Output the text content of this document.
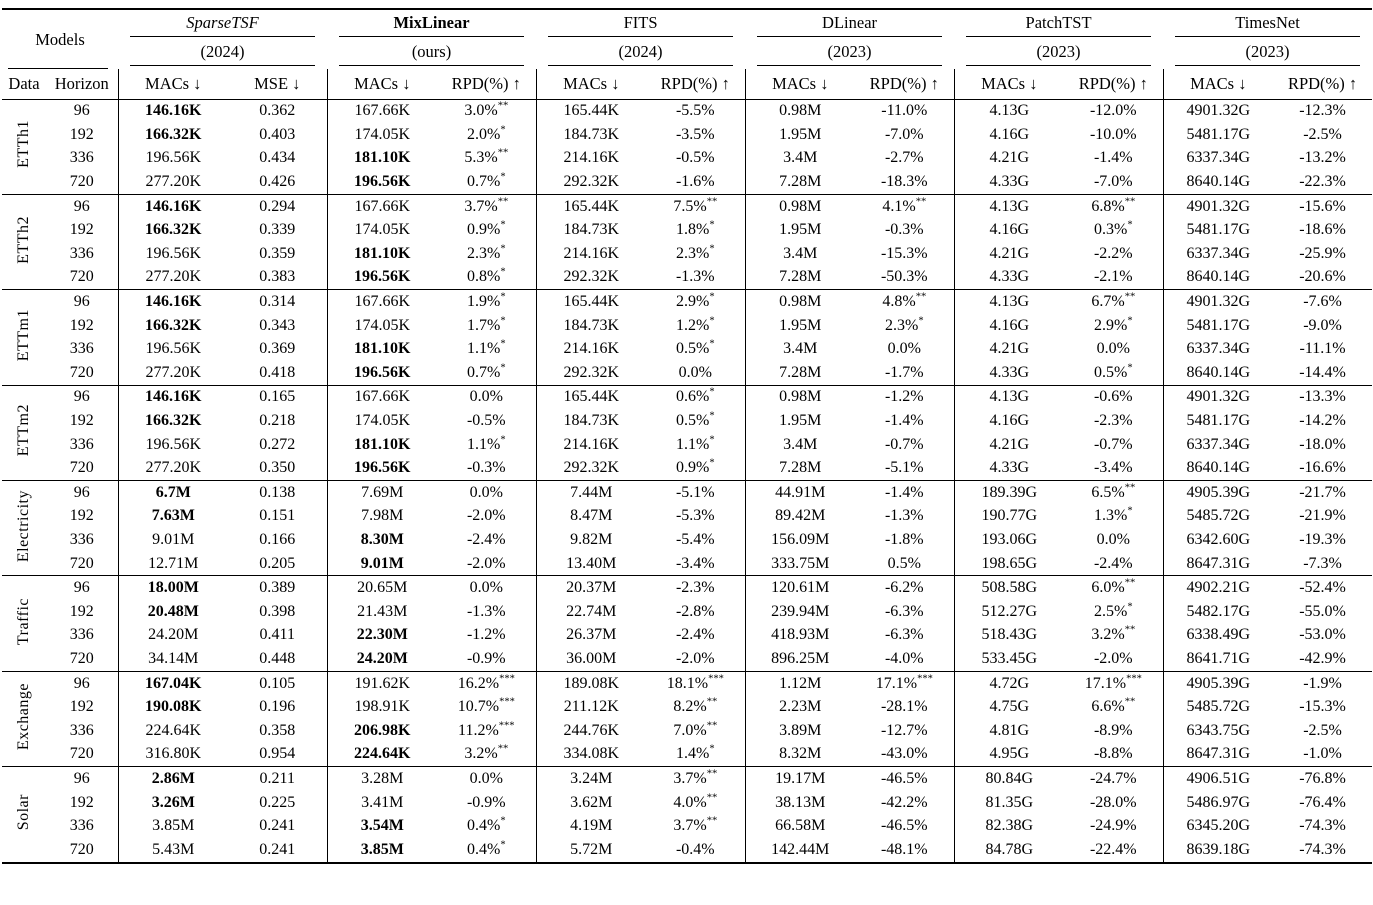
Models		SparseTSF		MixLinear		FITS		DLinear		PatchTST		TimesNet	

		(2024)		(ours)		(2024)		(2023)		(2023)		(2023)	

Data	Horizon	MACs ↓	MSE ↓	MACs ↓	RPD(%) ↑	MACs ↓	RPD(%) ↑	MACs ↓	RPD(%) ↑	MACs ↓	RPD(%) ↑	MACs ↓	RPD(%) ↑
ETTh1	96	146.16K	0.362	167.66K	3.0%**	165.44K	-5.5%	0.98M	-11.0%	4.13G	-12.0%	4901.32G	-12.3%
	192	166.32K	0.403	174.05K	2.0%*	184.73K	-3.5%	1.95M	-7.0%	4.16G	-10.0%	5481.17G	-2.5%
	336	196.56K	0.434	181.10K	5.3%**	214.16K	-0.5%	3.4M	-2.7%	4.21G	-1.4%	6337.34G	-13.2%
	720	277.20K	0.426	196.56K	0.7%*	292.32K	-1.6%	7.28M	-18.3%	4.33G	-7.0%	8640.14G	-22.3%
ETTh2	96	146.16K	0.294	167.66K	3.7%**	165.44K	7.5%**	0.98M	4.1%**	4.13G	6.8%**	4901.32G	-15.6%
	192	166.32K	0.339	174.05K	0.9%*	184.73K	1.8%*	1.95M	-0.3%	4.16G	0.3%*	5481.17G	-18.6%
	336	196.56K	0.359	181.10K	2.3%*	214.16K	2.3%*	3.4M	-15.3%	4.21G	-2.2%	6337.34G	-25.9%
	720	277.20K	0.383	196.56K	0.8%*	292.32K	-1.3%	7.28M	-50.3%	4.33G	-2.1%	8640.14G	-20.6%
ETTm1	96	146.16K	0.314	167.66K	1.9%*	165.44K	2.9%*	0.98M	4.8%**	4.13G	6.7%**	4901.32G	-7.6%
	192	166.32K	0.343	174.05K	1.7%*	184.73K	1.2%*	1.95M	2.3%*	4.16G	2.9%*	5481.17G	-9.0%
	336	196.56K	0.369	181.10K	1.1%*	214.16K	0.5%*	3.4M	0.0%	4.21G	0.0%	6337.34G	-11.1%
	720	277.20K	0.418	196.56K	0.7%*	292.32K	0.0%	7.28M	-1.7%	4.33G	0.5%*	8640.14G	-14.4%
ETTm2	96	146.16K	0.165	167.66K	0.0%	165.44K	0.6%*	0.98M	-1.2%	4.13G	-0.6%	4901.32G	-13.3%
	192	166.32K	0.218	174.05K	-0.5%	184.73K	0.5%*	1.95M	-1.4%	4.16G	-2.3%	5481.17G	-14.2%
	336	196.56K	0.272	181.10K	1.1%*	214.16K	1.1%*	3.4M	-0.7%	4.21G	-0.7%	6337.34G	-18.0%
	720	277.20K	0.350	196.56K	-0.3%	292.32K	0.9%*	7.28M	-5.1%	4.33G	-3.4%	8640.14G	-16.6%
Electricity	96	6.7M	0.138	7.69M	0.0%	7.44M	-5.1%	44.91M	-1.4%	189.39G	6.5%**	4905.39G	-21.7%
	192	7.63M	0.151	7.98M	-2.0%	8.47M	-5.3%	89.42M	-1.3%	190.77G	1.3%*	5485.72G	-21.9%
	336	9.01M	0.166	8.30M	-2.4%	9.82M	-5.4%	156.09M	-1.8%	193.06G	0.0%	6342.60G	-19.3%
	720	12.71M	0.205	9.01M	-2.0%	13.40M	-3.4%	333.75M	0.5%	198.65G	-2.4%	8647.31G	-7.3%
Traffic	96	18.00M	0.389	20.65M	0.0%	20.37M	-2.3%	120.61M	-6.2%	508.58G	6.0%**	4902.21G	-52.4%
	192	20.48M	0.398	21.43M	-1.3%	22.74M	-2.8%	239.94M	-6.3%	512.27G	2.5%*	5482.17G	-55.0%
	336	24.20M	0.411	22.30M	-1.2%	26.37M	-2.4%	418.93M	-6.3%	518.43G	3.2%**	6338.49G	-53.0%
	720	34.14M	0.448	24.20M	-0.9%	36.00M	-2.0%	896.25M	-4.0%	533.45G	-2.0%	8641.71G	-42.9%
Exchange	96	167.04K	0.105	191.62K	16.2%***	189.08K	18.1%***	1.12M	17.1%***	4.72G	17.1%***	4905.39G	-1.9%
	192	190.08K	0.196	198.91K	10.7%***	211.12K	8.2%**	2.23M	-28.1%	4.75G	6.6%**	5485.72G	-15.3%
	336	224.64K	0.358	206.98K	11.2%***	244.76K	7.0%**	3.89M	-12.7%	4.81G	-8.9%	6343.75G	-2.5%
	720	316.80K	0.954	224.64K	3.2%**	334.08K	1.4%*	8.32M	-43.0%	4.95G	-8.8%	8647.31G	-1.0%
Solar	96	2.86M	0.211	3.28M	0.0%	3.24M	3.7%**	19.17M	-46.5%	80.84G	-24.7%	4906.51G	-76.8%
	192	3.26M	0.225	3.41M	-0.9%	3.62M	4.0%**	38.13M	-42.2%	81.35G	-28.0%	5486.97G	-76.4%
	336	3.85M	0.241	3.54M	0.4%*	4.19M	3.7%**	66.58M	-46.5%	82.38G	-24.9%	6345.20G	-74.3%
	720	5.43M	0.241	3.85M	0.4%*	5.72M	-0.4%	142.44M	-48.1%	84.78G	-22.4%	8639.18G	-74.3%
